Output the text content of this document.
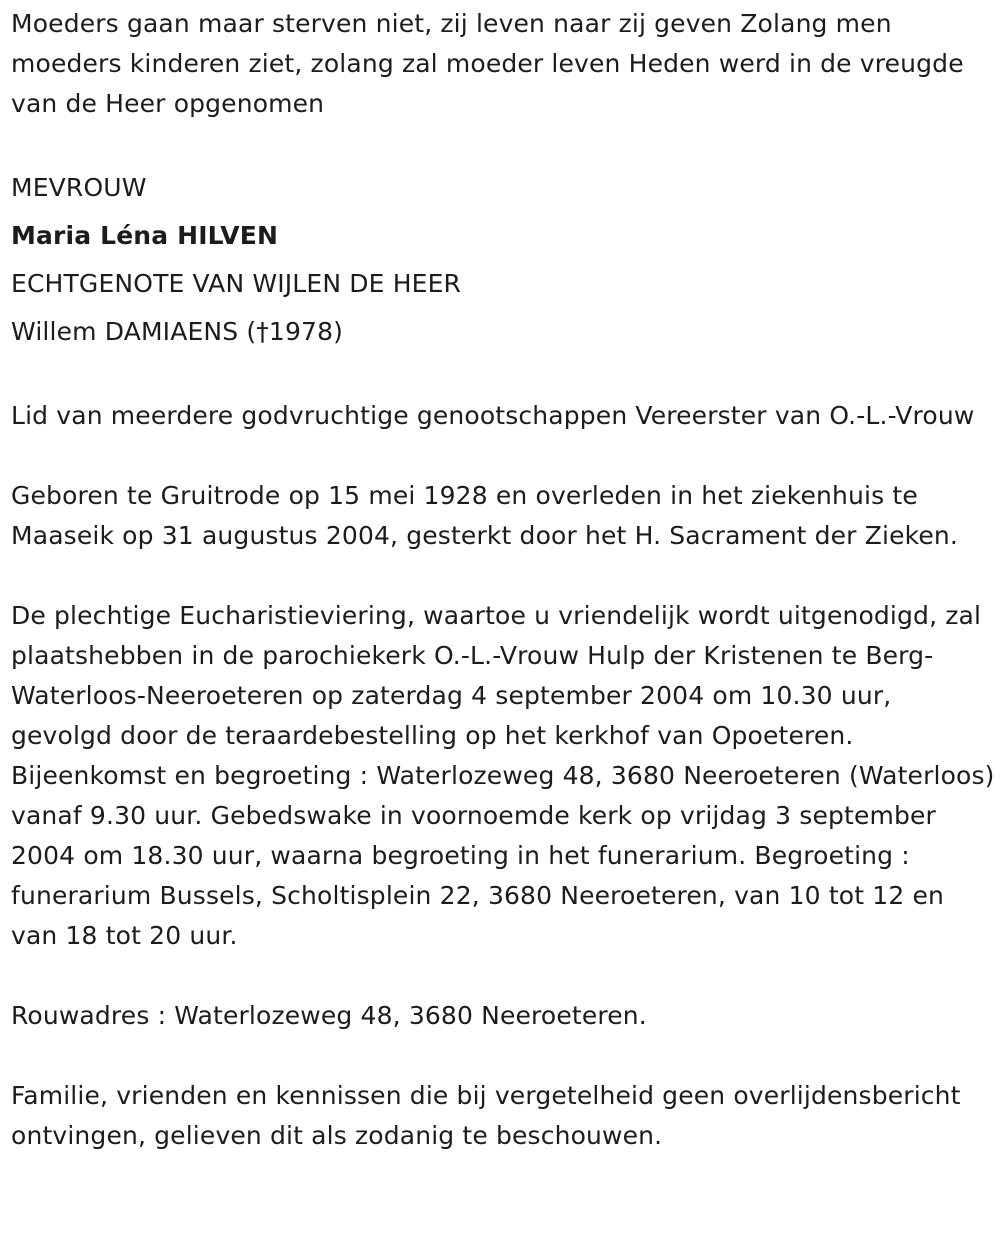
Moeders gaan maar sterven niet, zij leven naar zij geven Zolang men moeders kinderen ziet, zolang zal moeder leven Heden werd in de vreugde van de Heer opgenomen

MEVROUW

Maria Léna HILVEN

ECHTGENOTE VAN WIJLEN DE HEER

Willem DAMIAENS (†1978)

Lid van meerdere godvruchtige genootschappen Vereerster van O.-L.-Vrouw

Geboren te Gruitrode op 15 mei 1928 en overleden in het ziekenhuis te Maaseik op 31 augustus 2004, gesterkt door het H. Sacrament der Zieken.

De plechtige Eucharistieviering, waartoe u vriendelijk wordt uitgenodigd, zal plaatshebben in de parochiekerk O.-L.-Vrouw Hulp der Kristenen te Berg-Waterloos-Neeroeteren op zaterdag 4 september 2004 om 10.30 uur, gevolgd door de teraardebestelling op het kerkhof van Opoeteren. Bijeenkomst en begroeting : Waterlozeweg 48, 3680 Neeroeteren (Waterloos) vanaf 9.30 uur. Gebedswake in voornoemde kerk op vrijdag 3 september 2004 om 18.30 uur, waarna begroeting in het funerarium. Begroeting : funerarium Bussels, Scholtisplein 22, 3680 Neeroeteren, van 10 tot 12 en van 18 tot 20 uur.

Rouwadres : Waterlozeweg 48, 3680 Neeroeteren.

Familie, vrienden en kennissen die bij vergetelheid geen overlijdensbericht ontvingen, gelieven dit als zodanig te beschouwen.
